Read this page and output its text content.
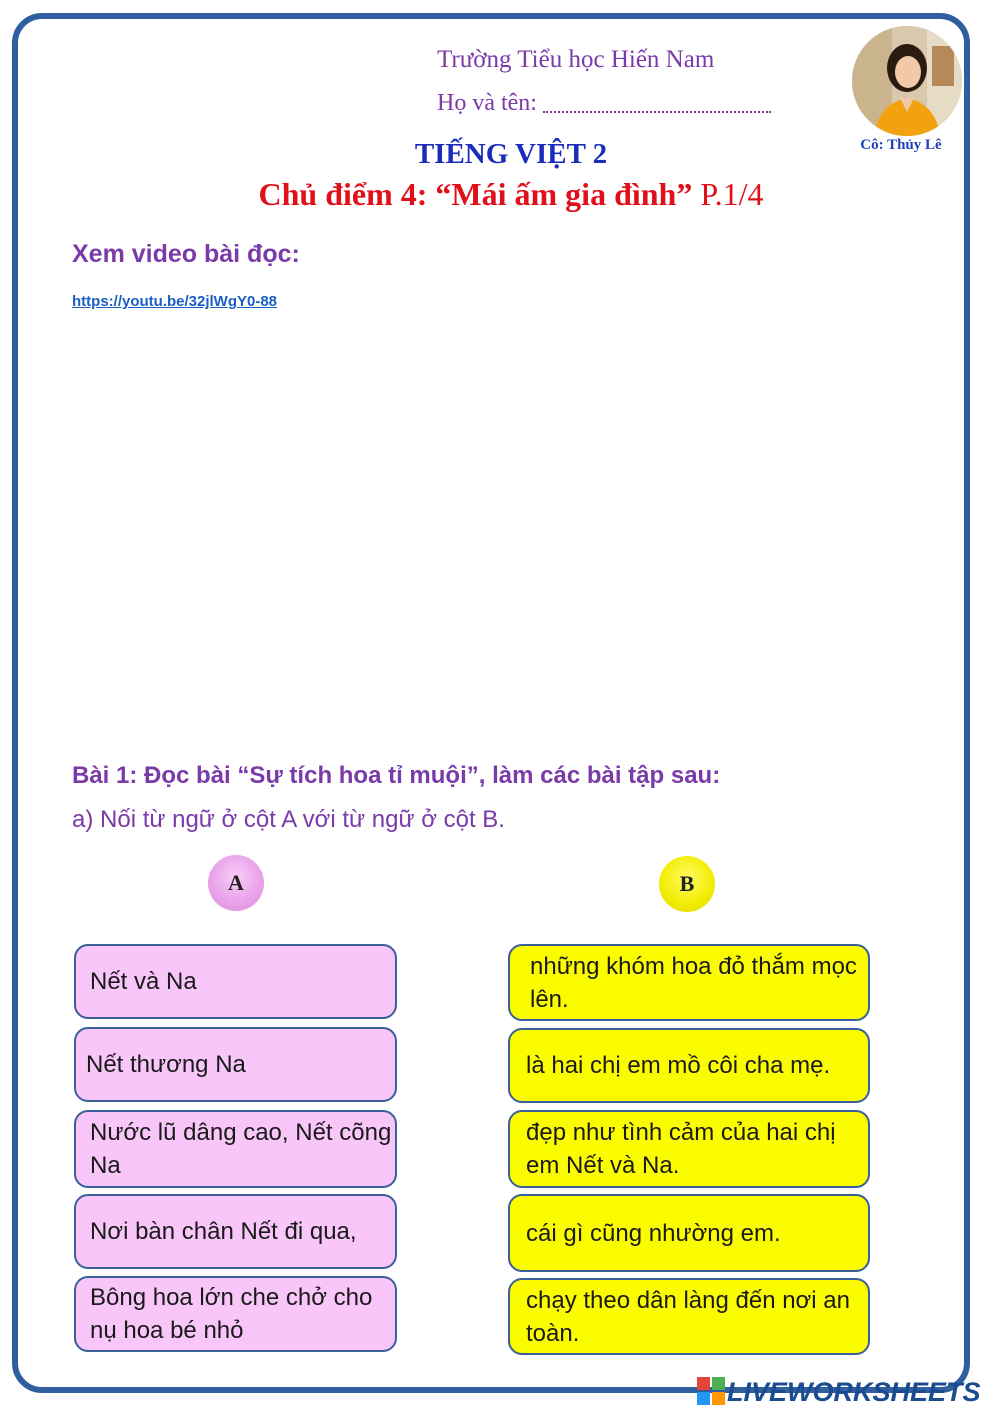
Trường Tiểu học Hiến Nam
Họ và tên:
Cô: Thủy Lê
TIẾNG VIỆT 2
Chủ điểm 4: “Mái ấm gia đình” P.1/4
Xem video bài đọc:
https://youtu.be/32jlWgY0-88
Bài 1: Đọc bài “Sự tích hoa tỉ muội”, làm các bài tập sau:
a) Nối từ ngữ ở cột A với từ ngữ ở cột B.
A	B
Nết và Na
Nết thương Na
Nước lũ dâng cao, Nết cõng Na
Nơi bàn chân Nết đi qua,
Bông hoa lớn che chở cho nụ hoa bé nhỏ
những khóm hoa đỏ thắm mọc lên.
là hai chị em mồ côi cha mẹ.
đẹp như tình cảm của hai chị em Nết và Na.
cái gì cũng nhường em.
chạy theo dân làng đến nơi an toàn.
LIVEWORKSHEETS
